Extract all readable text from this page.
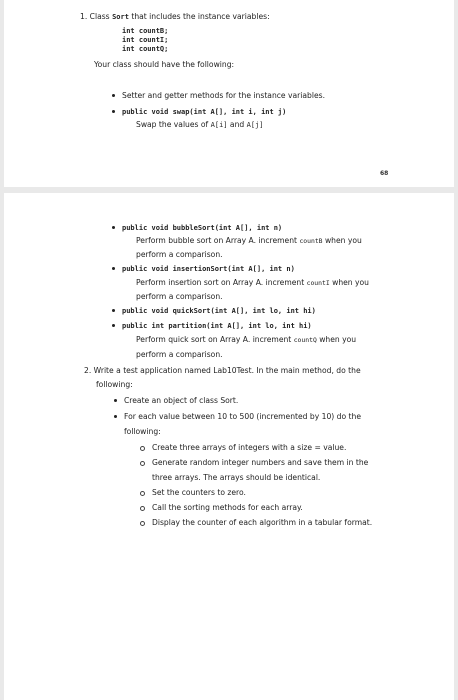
1. Class Sort that includes the instance variables:
int countB;
int countI;
int countQ;
Your class should have the following:
Setter and getter methods for the instance variables.
public void swap(int A[], int i, int j)
Swap the values of A[i] and A[j]
68
public void bubbleSort(int A[], int n)
Perform bubble sort on Array A. increment countB when you
perform a comparison.
public void insertionSort(int A[], int n)
Perform insertion sort on Array A. increment countI when you
perform a comparison.
public void quickSort(int A[], int lo, int hi)
public int partition(int A[], int lo, int hi)
Perform quick sort on Array A. increment countQ when you
perform a comparison.
2. Write a test application named Lab10Test. In the main method, do the
following:
Create an object of class Sort.
For each value between 10 to 500 (incremented by 10) do the
following:
Create three arrays of integers with a size = value.
Generate random integer numbers and save them in the
three arrays. The arrays should be identical.
Set the counters to zero.
Call the sorting methods for each array.
Display the counter of each algorithm in a tabular format.
